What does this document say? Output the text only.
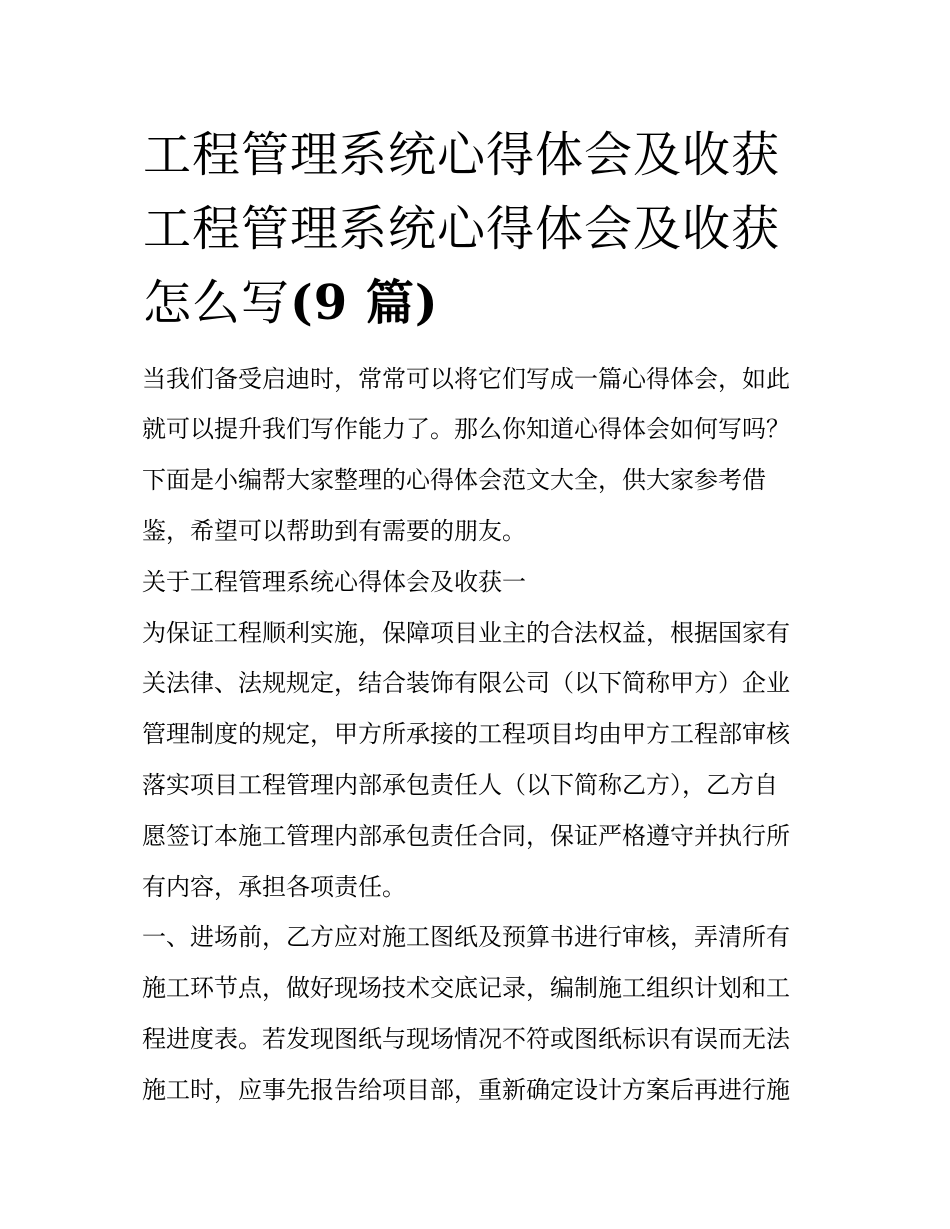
工程管理系统心得体会及收获
工程管理系统心得体会及收获
怎么写(9 篇)
当我们备受启迪时，常常可以将它们写成一篇心得体会，如此
就可以提升我们写作能力了。那么你知道心得体会如何写吗？
下面是小编帮大家整理的心得体会范文大全，供大家参考借
鉴，希望可以帮助到有需要的朋友。
关于工程管理系统心得体会及收获一
为保证工程顺利实施，保障项目业主的合法权益，根据国家有
关法律、法规规定，结合装饰有限公司（以下简称甲方）企业
管理制度的规定，甲方所承接的工程项目均由甲方工程部审核
落实项目工程管理内部承包责任人（以下简称乙方），乙方自
愿签订本施工管理内部承包责任合同，保证严格遵守并执行所
有内容，承担各项责任。
一、进场前，乙方应对施工图纸及预算书进行审核，弄清所有
施工环节点，做好现场技术交底记录，编制施工组织计划和工
程进度表。若发现图纸与现场情况不符或图纸标识有误而无法
施工时，应事先报告给项目部，重新确定设计方案后再进行施
